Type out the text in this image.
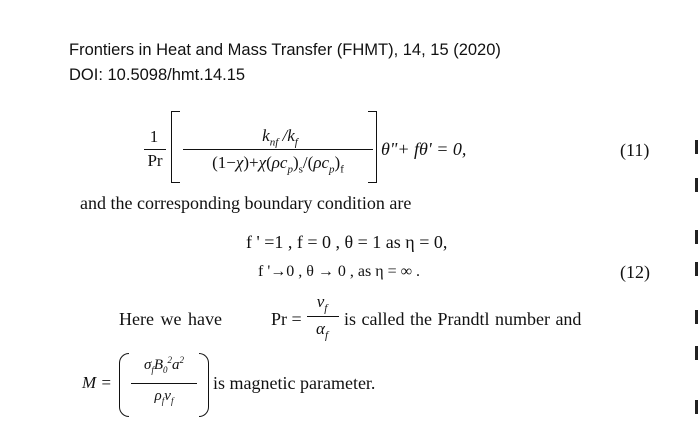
Frontiers in Heat and Mass Transfer (FHMT), 14, 15 (2020)
DOI: 10.5098/hmt.14.15
1
Pr
$k_{nf}$ $/k_f$
$(1-\chi)+\chi(\rho c_p)_s/(\rho c_p)_f$
θ"+ fθ' = 0,	(11)
and the corresponding boundary condition are
f ' =1 , f = 0 , θ = 1 as η = 0,
f '→0 , θ → 0 , as η = ∞ .	(12)
Here we have	Pr =
$\nu_f$
$\alpha_f$
is called the Prandtl number and
M =
$\sigma_fB_0^2a^2$
$\rho_f\nu_f$
is magnetic parameter.
